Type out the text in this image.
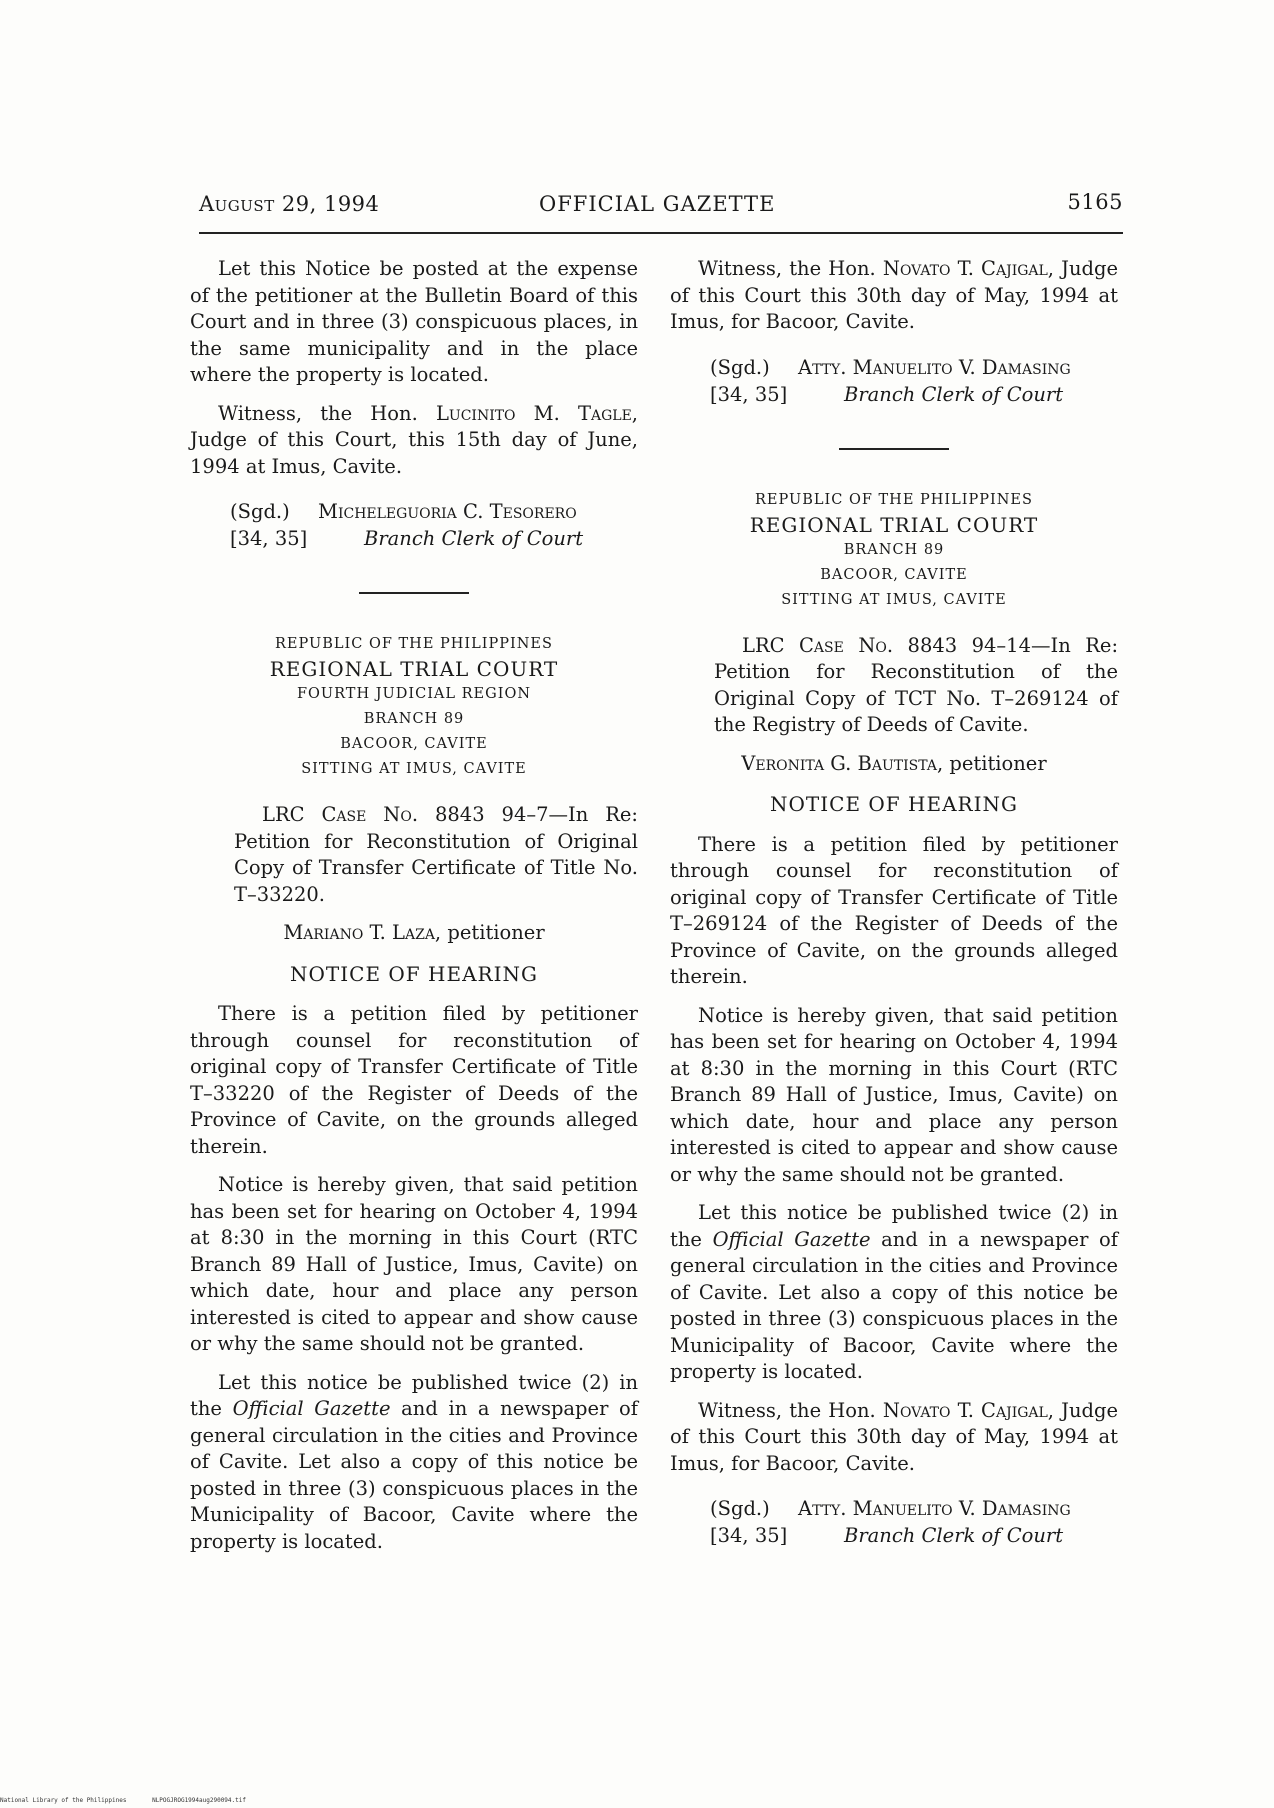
August 29, 1994	OFFICIAL GAZETTE	5165

Let this Notice be posted at the expense of the petitioner at the Bulletin Board of this Court and in three (3) conspicuous places, in the same municipality and in the place where the property is located.

Witness, the Hon. Lucinito M. Tagle, Judge of this Court, this 15th day of June, 1994 at Imus, Cavite.

(Sgd.)	Micheleguoria C. Tesorero
[34, 35]	Branch Clerk of Court
REPUBLIC OF THE PHILIPPINES
REGIONAL TRIAL COURT
FOURTH JUDICIAL REGION
BRANCH 89
BACOOR, CAVITE
SITTING AT IMUS, CAVITE

LRC Case No. 8843 94–7—In Re: Petition for Reconstitution of Original Copy of Transfer Certificate of Title No. T–33220.

Mariano T. Laza, petitioner
NOTICE OF HEARING

There is a petition filed by petitioner through counsel for reconstitution of original copy of Transfer Certificate of Title T–33220 of the Register of Deeds of the Province of Cavite, on the grounds alleged therein.

Notice is hereby given, that said petition has been set for hearing on October 4, 1994 at 8:30 in the morning in this Court (RTC Branch 89 Hall of Justice, Imus, Cavite) on which date, hour and place any person interested is cited to appear and show cause or why the same should not be granted.

Let this notice be published twice (2) in the Official Gazette and in a newspaper of general circulation in the cities and Province of Cavite. Let also a copy of this notice be posted in three (3) conspicuous places in the Municipality of Bacoor, Cavite where the property is located.

Witness, the Hon. Novato T. Cajigal, Judge of this Court this 30th day of May, 1994 at Imus, for Bacoor, Cavite.

(Sgd.)	Atty. Manuelito V. Damasing
[34, 35]	Branch Clerk of Court
REPUBLIC OF THE PHILIPPINES
REGIONAL TRIAL COURT
BRANCH 89
BACOOR, CAVITE
SITTING AT IMUS, CAVITE

LRC Case No. 8843 94–14—In Re: Petition for Reconstitution of the Original Copy of TCT No. T–269124 of the Registry of Deeds of Cavite.

Veronita G. Bautista, petitioner
NOTICE OF HEARING

There is a petition filed by petitioner through counsel for reconstitution of original copy of Transfer Certificate of Title T–269124 of the Register of Deeds of the Province of Cavite, on the grounds alleged therein.

Notice is hereby given, that said petition has been set for hearing on October 4, 1994 at 8:30 in the morning in this Court (RTC Branch 89 Hall of Justice, Imus, Cavite) on which date, hour and place any person interested is cited to appear and show cause or why the same should not be granted.

Let this notice be published twice (2) in the Official Gazette and in a newspaper of general circulation in the cities and Province of Cavite. Let also a copy of this notice be posted in three (3) conspicuous places in the Municipality of Bacoor, Cavite where the property is located.

Witness, the Hon. Novato T. Cajigal, Judge of this Court this 30th day of May, 1994 at Imus, for Bacoor, Cavite.

(Sgd.)	Atty. Manuelito V. Damasing
[34, 35]	Branch Clerk of Court
National Library of the Philippines	NLPOGJROG1994aug290094.tif
